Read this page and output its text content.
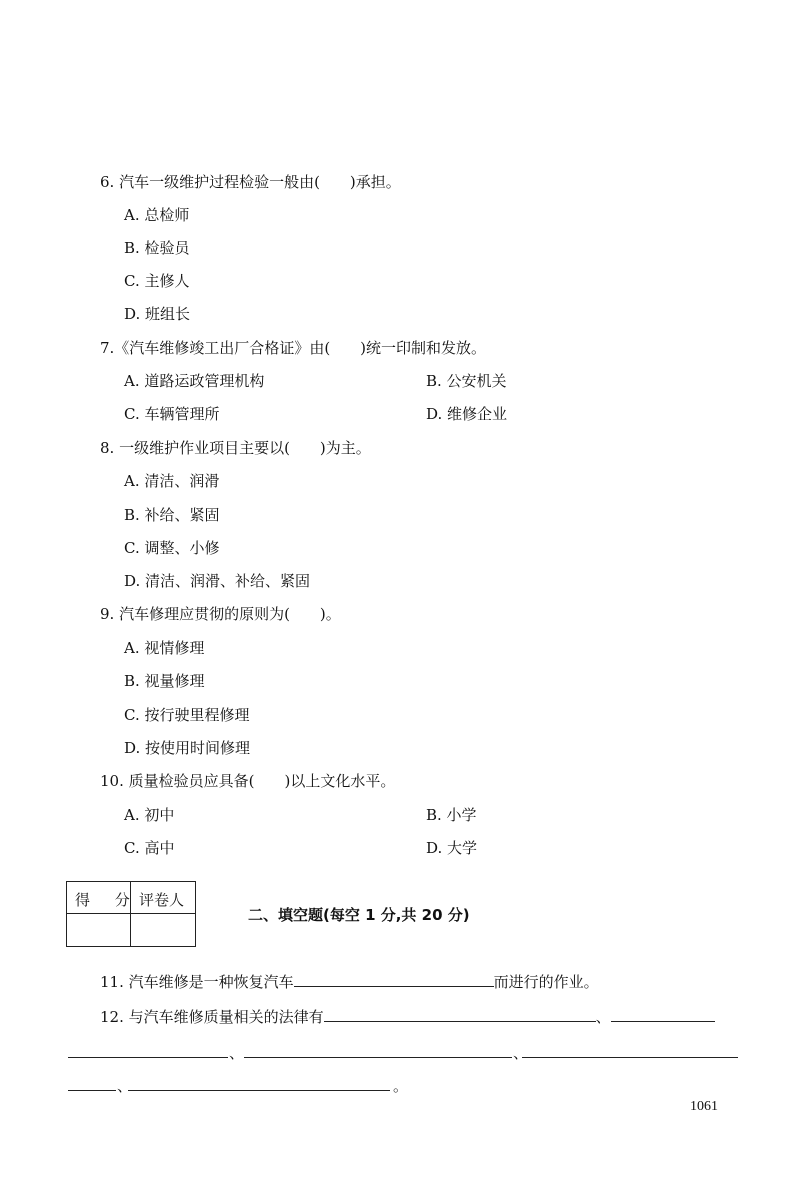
6. 汽车一级维护过程检验一般由(　　)承担。
A. 总检师
B. 检验员
C. 主修人
D. 班组长
7.《汽车维修竣工出厂合格证》由(　　)统一印制和发放。
A. 道路运政管理机构	B. 公安机关
C. 车辆管理所	D. 维修企业
8. 一级维护作业项目主要以(　　)为主。
A. 清洁、润滑
B. 补给、紧固
C. 调整、小修
D. 清洁、润滑、补给、紧固
9. 汽车修理应贯彻的原则为(　　)。
A. 视情修理
B. 视量修理
C. 按行驶里程修理
D. 按使用时间修理
10. 质量检验员应具备(　　)以上文化水平。
A. 初中	B. 小学
C. 高中	D. 大学
得 分 评卷人
二、填空题(每空 1 分,共 20 分)
11. 汽车维修是一种恢复汽车	而进行的作业。
12. 与汽车维修质量相关的法律有	、
、	、
、	。
1061
